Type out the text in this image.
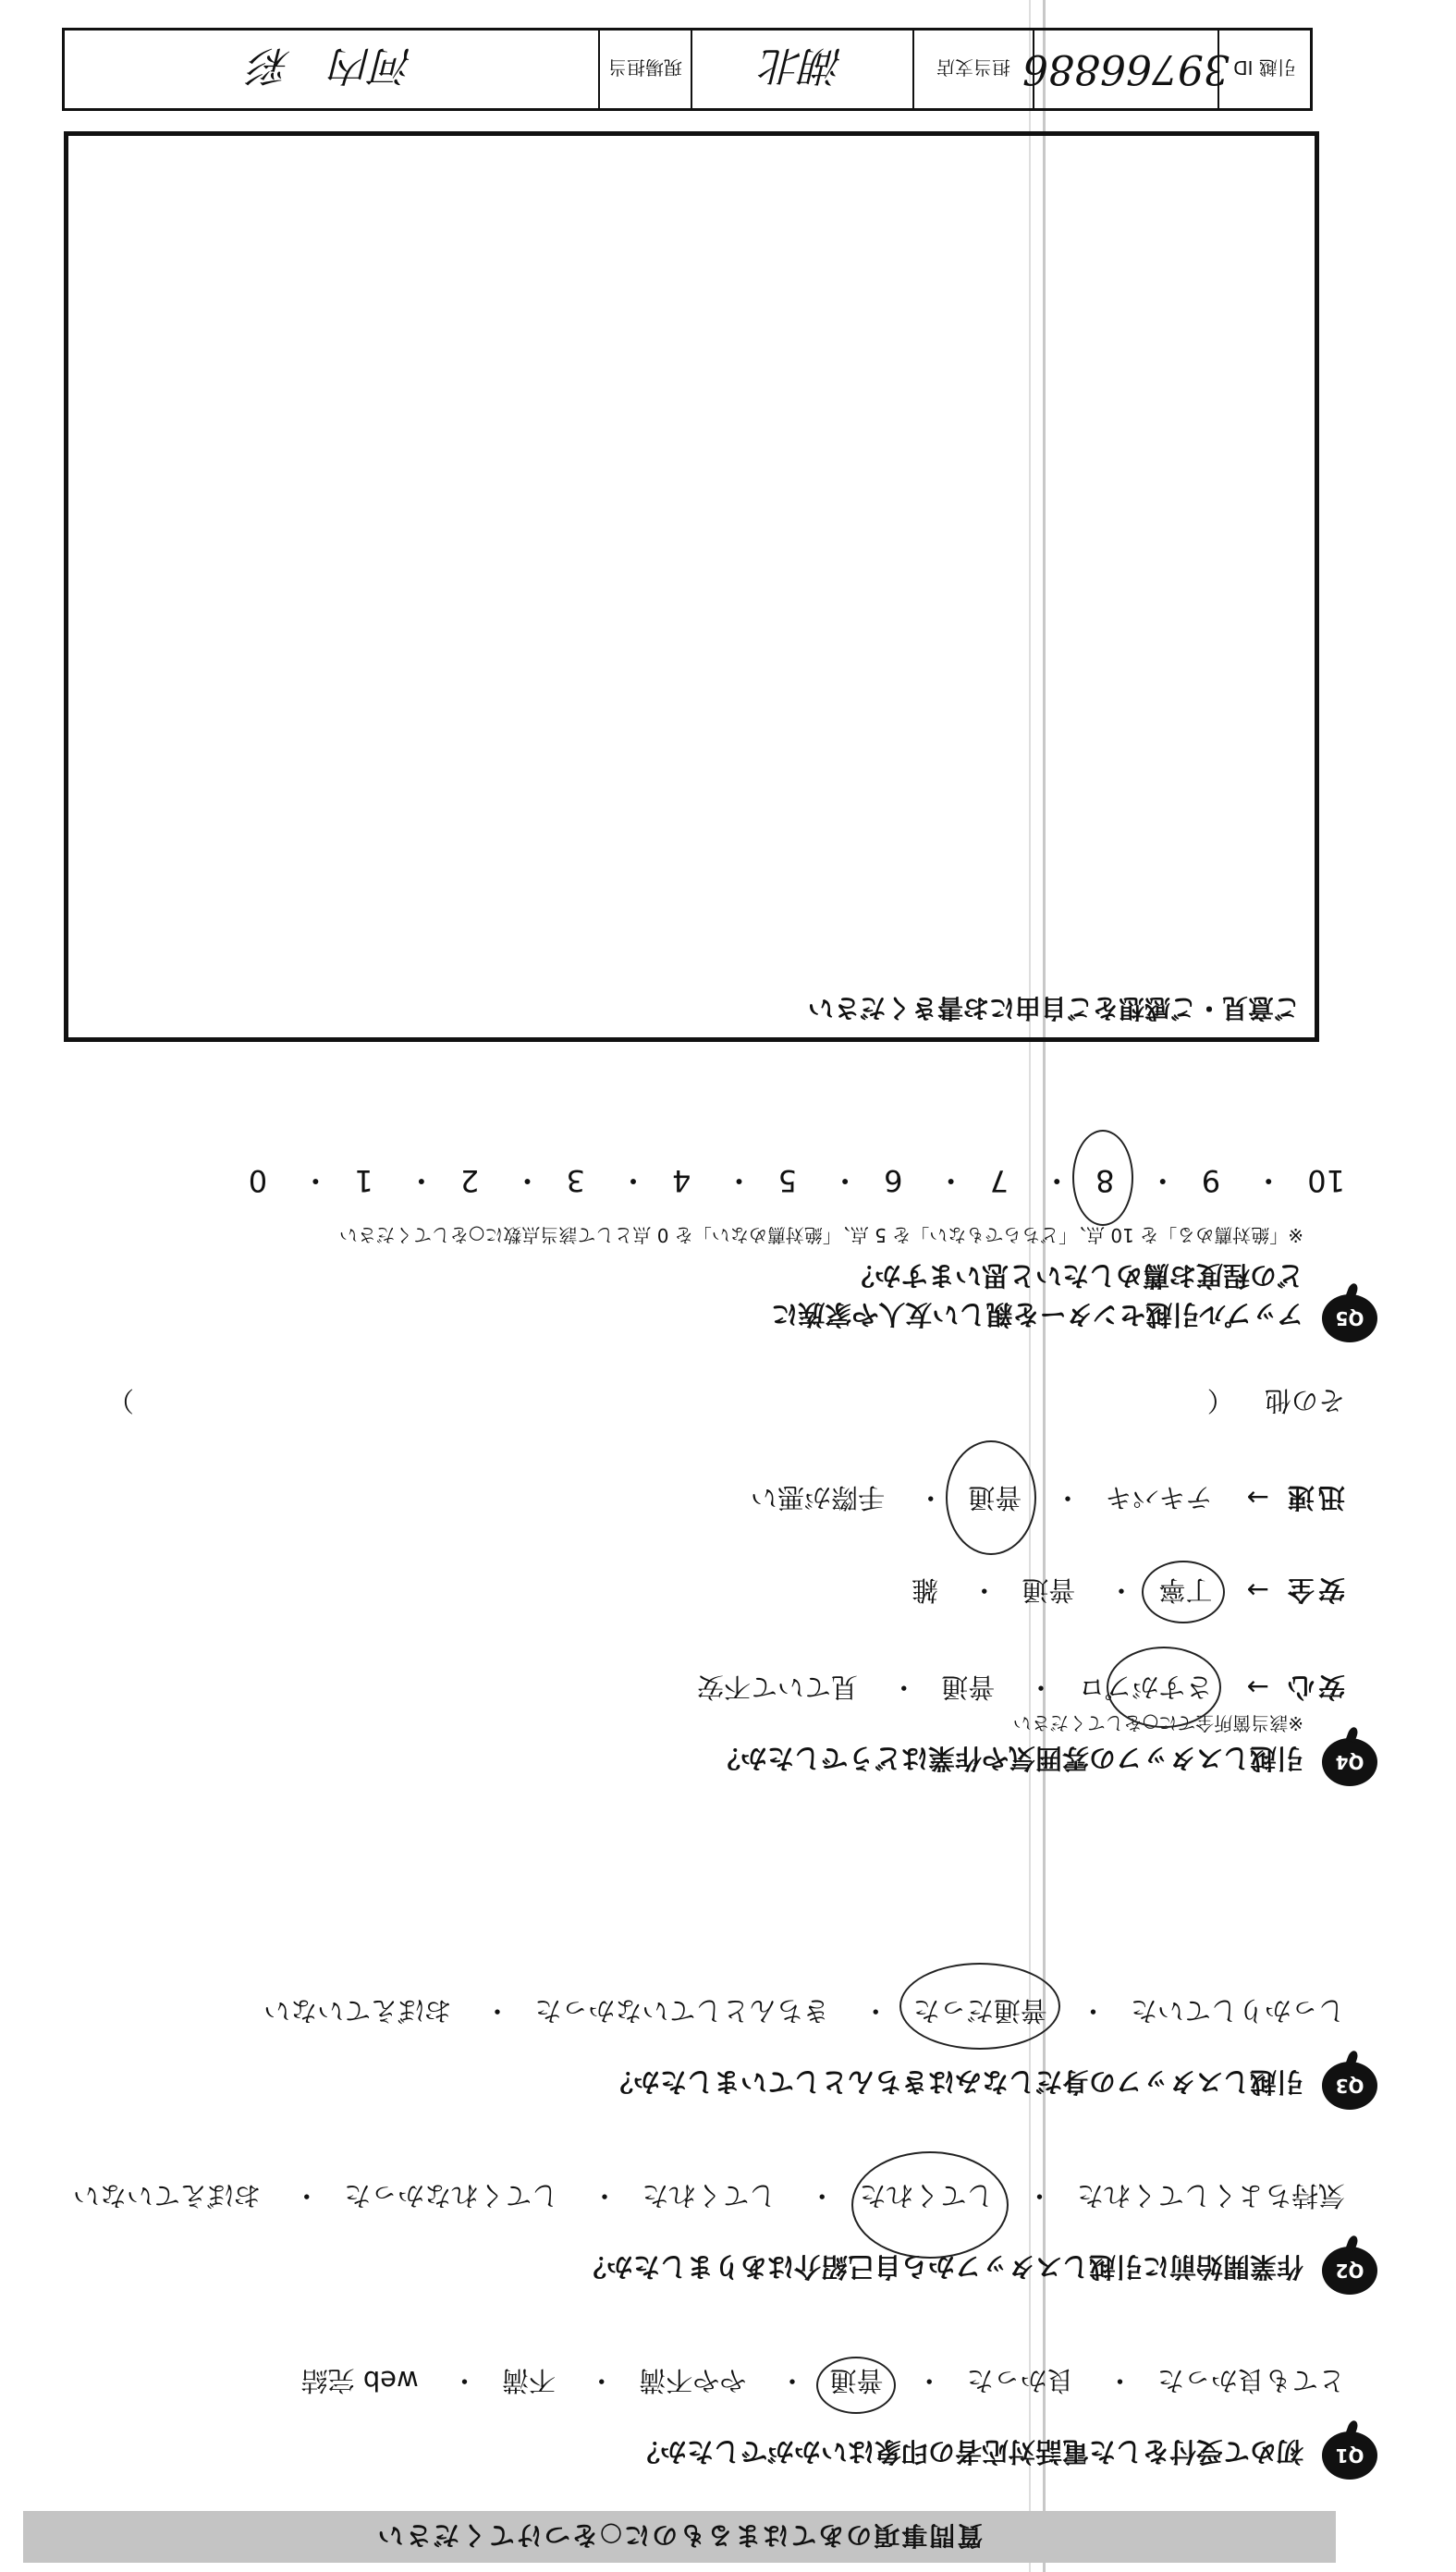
質問事項のあてはまるものに○をつけてください
Q1
初めて受付をした電話対応者の印象はいかがでしたか？
とても良かった・ 良かった・ 普通
・ やや不満・ 不満・ web 完結
Q2
作業開始前に引越しスタッフから自己紹介はありましたか？
気持ちよくしてくれた・ してくれた
・ してくれた・ してくれなかった・ おぼえていない
Q3
引越しスタッフの身だしなみはきちんとしていましたか？
しっかりしていた・ 普通だった
・ きちんとしていなかった・ おぼえていない
Q4
引越しスタッフの雰囲気や作業はどうでしたか？
※該当箇所全てに○をしてください
安心→ さすがプロ
・ 普通・ 見ていて不安
安全→ 丁寧
・ 普通・ 雑
迅速→ テキパキ・ 普通
・ 手際が悪い
その他 （
）
Q5
アップル引越センターを親しい友人や家族に
どの程度お薦めしたいと思いますか？
※「絶対薦める」を 10 点、「どちらでもない」を 5 点、「絶対薦めない」を 0 点として該当点数に○をしてください
10・ 9・ 8
・ 7・ 6・ 5・ 4・ 3・ 2・ 1・ 0
ご意見・ご感想をご自由にお書きください
引越 ID
39766886
担当支店
湖北
現場担当
河内　彩
